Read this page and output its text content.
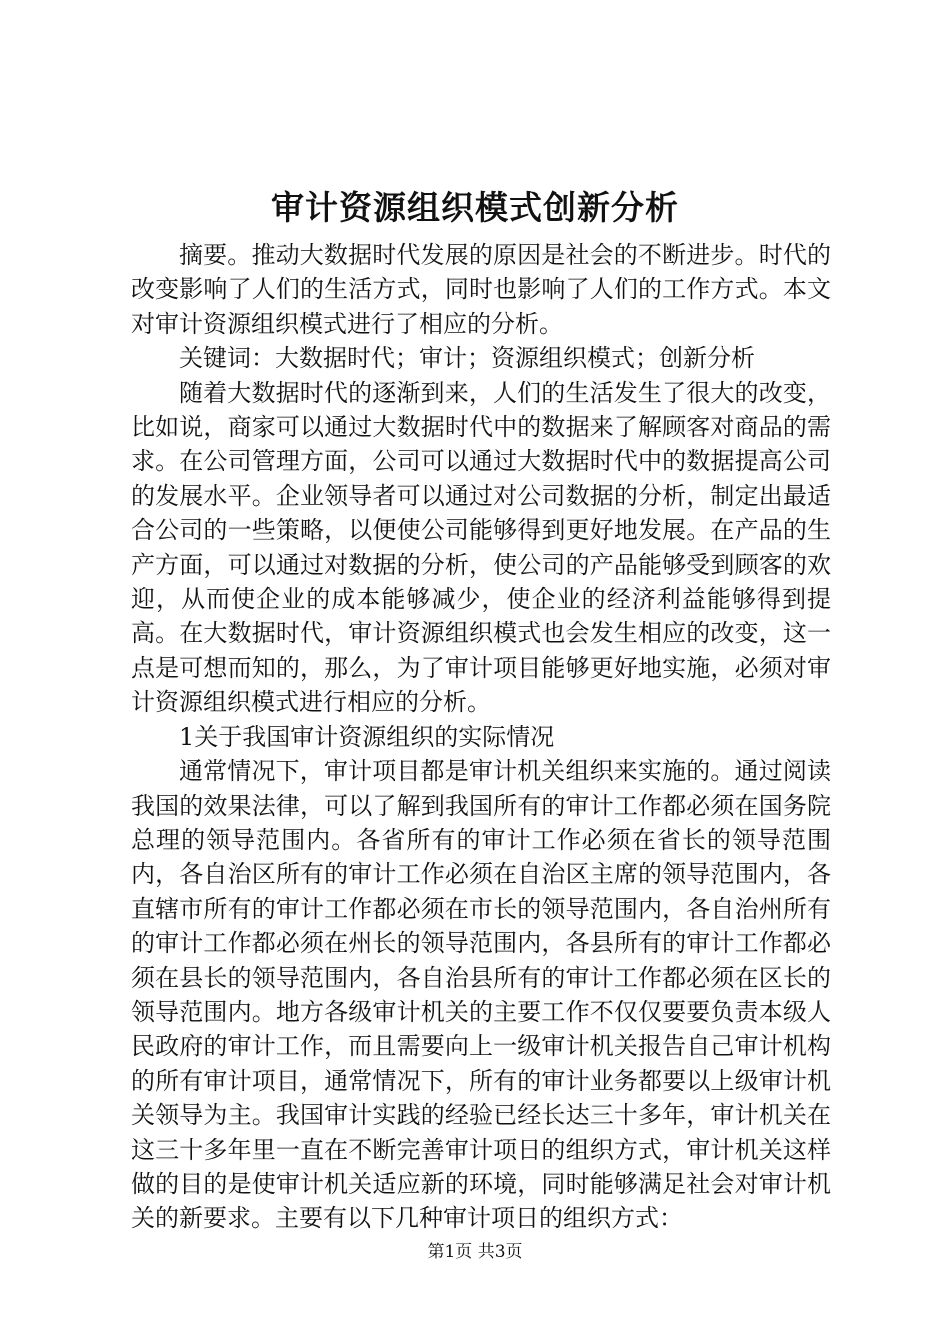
审计资源组织模式创新分析

摘要。推动大数据时代发展的原因是社会的不断进步。时代的改变影响了人们的生活方式，同时也影响了人们的工作方式。本文对审计资源组织模式进行了相应的分析。

关键词：大数据时代；审计；资源组织模式；创新分析

随着大数据时代的逐渐到来，人们的生活发生了很大的改变，比如说，商家可以通过大数据时代中的数据来了解顾客对商品的需求。在公司管理方面，公司可以通过大数据时代中的数据提高公司的发展水平。企业领导者可以通过对公司数据的分析，制定出最适合公司的一些策略，以便使公司能够得到更好地发展。在产品的生产方面，可以通过对数据的分析，使公司的产品能够受到顾客的欢迎，从而使企业的成本能够减少，使企业的经济利益能够得到提高。在大数据时代，审计资源组织模式也会发生相应的改变，这一点是可想而知的，那么，为了审计项目能够更好地实施，必须对审计资源组织模式进行相应的分析。

1关于我国审计资源组织的实际情况

通常情况下，审计项目都是审计机关组织来实施的。通过阅读我国的效果法律，可以了解到我国所有的审计工作都必须在国务院总理的领导范围内。各省所有的审计工作必须在省长的领导范围内，各自治区所有的审计工作必须在自治区主席的领导范围内，各直辖市所有的审计工作都必须在市长的领导范围内，各自治州所有的审计工作都必须在州长的领导范围内，各县所有的审计工作都必须在县长的领导范围内，各自治县所有的审计工作都必须在区长的领导范围内。地方各级审计机关的主要工作不仅仅要要负责本级人民政府的审计工作，而且需要向上一级审计机关报告自己审计机构的所有审计项目，通常情况下，所有的审计业务都要以上级审计机关领导为主。我国审计实践的经验已经长达三十多年，审计机关在这三十多年里一直在不断完善审计项日的组织方式，审计机关这样做的目的是使审计机关适应新的环境，同时能够满足社会对审计机关的新要求。主要有以下几种审计项日的组织方式：

第1页 共3页
